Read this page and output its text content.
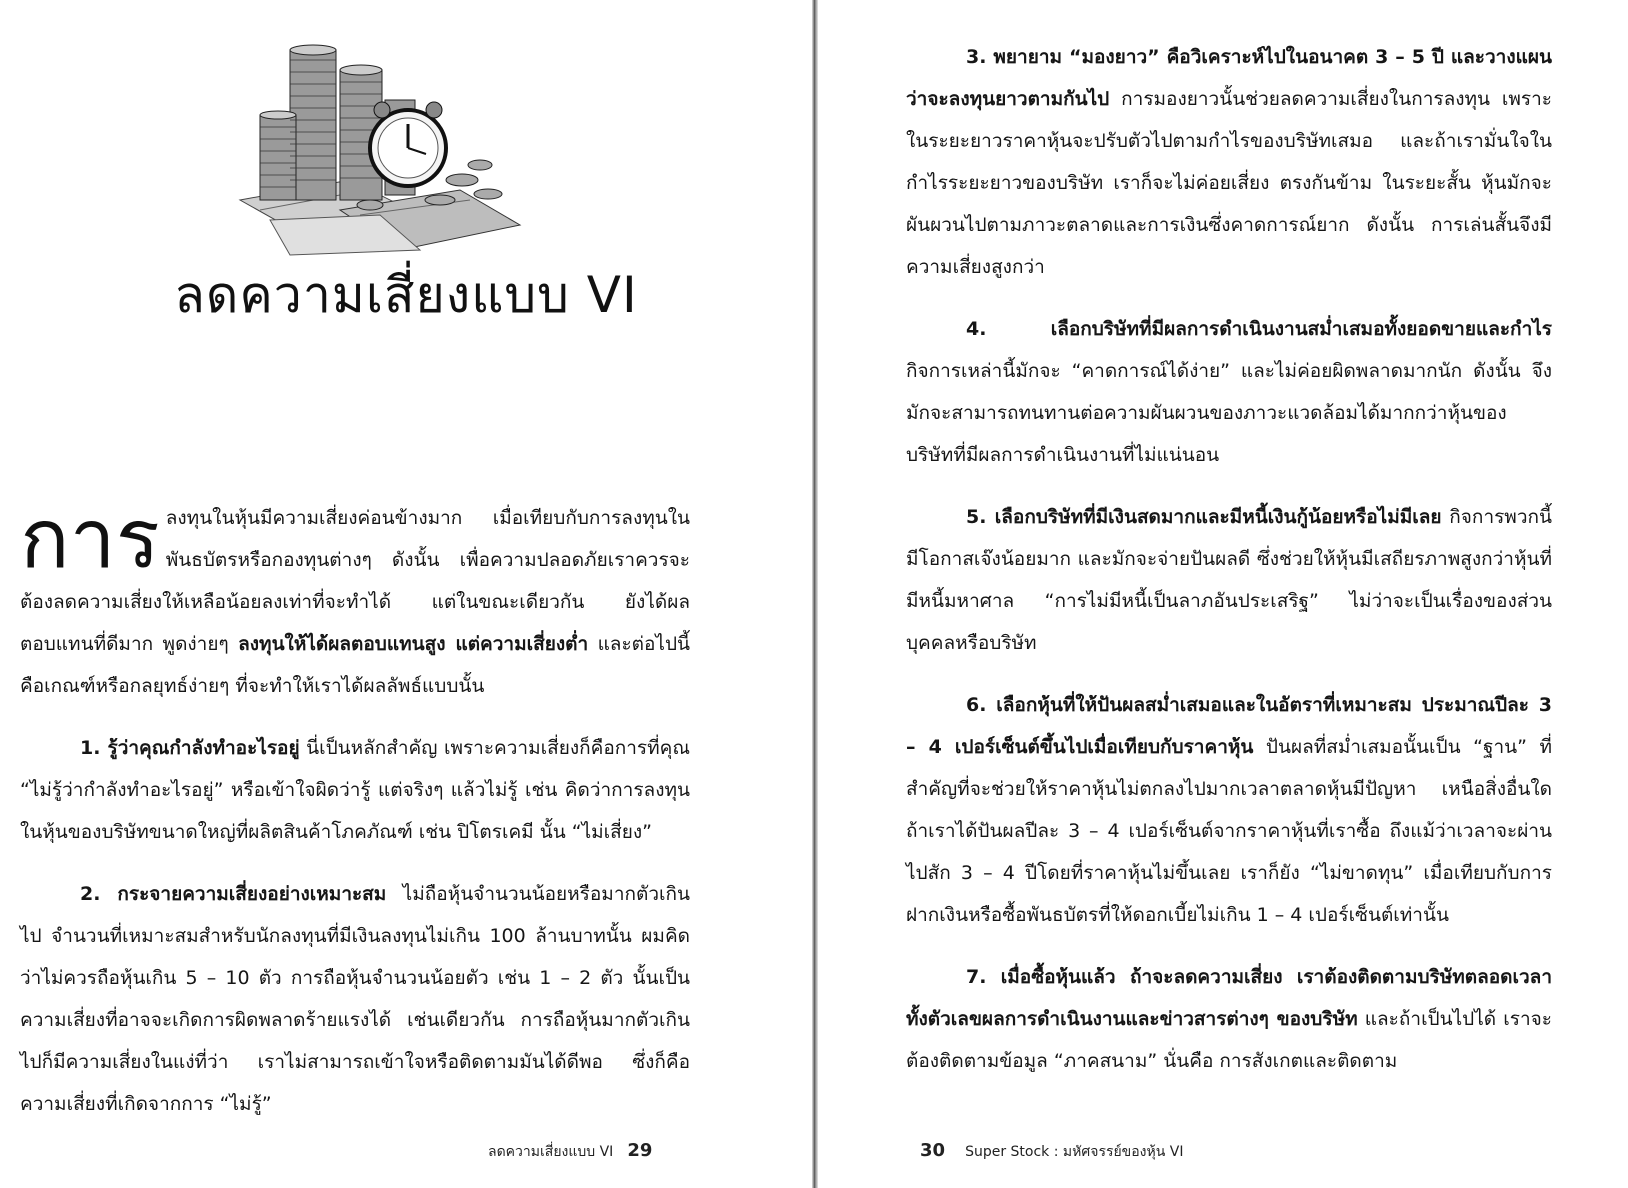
ลดความเสี่ยงแบบ VI

การ ลงทุนในหุ้นมีความเสี่ยงค่อนข้างมาก เมื่อเทียบกับการลงทุนในพันธบัตรหรือกองทุนต่างๆ ดังนั้น เพื่อความปลอดภัยเราควรจะต้องลดความเสี่ยงให้เหลือน้อยลงเท่าที่จะทำได้ แต่ในขณะเดียวกัน ยังได้ผลตอบแทนที่ดีมาก พูดง่ายๆ ลงทุนให้ได้ผลตอบแทนสูง แต่ความเสี่ยงต่ำ และต่อไปนี้คือเกณฑ์หรือกลยุทธ์ง่ายๆ ที่จะทำให้เราได้ผลลัพธ์แบบนั้น

1. รู้ว่าคุณกำลังทำอะไรอยู่ นี่เป็นหลักสำคัญ เพราะความเสี่ยงก็คือการที่คุณ “ไม่รู้ว่ากำลังทำอะไรอยู่” หรือเข้าใจผิดว่ารู้ แต่จริงๆ แล้วไม่รู้ เช่น คิดว่าการลงทุนในหุ้นของบริษัทขนาดใหญ่ที่ผลิตสินค้าโภคภัณฑ์ เช่น ปิโตรเคมี นั้น “ไม่เสี่ยง”

2. กระจายความเสี่ยงอย่างเหมาะสม ไม่ถือหุ้นจำนวนน้อยหรือมากตัวเกินไป จำนวนที่เหมาะสมสำหรับนักลงทุนที่มีเงินลงทุนไม่เกิน 100 ล้านบาทนั้น ผมคิดว่าไม่ควรถือหุ้นเกิน 5 – 10 ตัว การถือหุ้นจำนวนน้อยตัว เช่น 1 – 2 ตัว นั้นเป็นความเสี่ยงที่อาจจะเกิดการผิดพลาดร้ายแรงได้ เช่นเดียวกัน การถือหุ้นมากตัวเกินไปก็มีความเสี่ยงในแง่ที่ว่า เราไม่สามารถเข้าใจหรือติดตามมันได้ดีพอ ซึ่งก็คือความเสี่ยงที่เกิดจากการ “ไม่รู้”

ลดความเสี่ยงแบบ VI 29

3. พยายาม “มองยาว” คือวิเคราะห์ไปในอนาคต 3 – 5 ปี และวางแผนว่าจะลงทุนยาวตามกันไป การมองยาวนั้นช่วยลดความเสี่ยงในการลงทุน เพราะในระยะยาวราคาหุ้นจะปรับตัวไปตามกำไรของบริษัทเสมอ และถ้าเรามั่นใจในกำไรระยะยาวของบริษัท เราก็จะไม่ค่อยเสี่ยง ตรงกันข้าม ในระยะสั้น หุ้นมักจะผันผวนไปตามภาวะตลาดและการเงินซึ่งคาดการณ์ยาก ดังนั้น การเล่นสั้นจึงมีความเสี่ยงสูงกว่า

4. เลือกบริษัทที่มีผลการดำเนินงานสม่ำเสมอทั้งยอดขายและกำไร กิจการเหล่านี้มักจะ “คาดการณ์ได้ง่าย” และไม่ค่อยผิดพลาดมากนัก ดังนั้น จึงมักจะสามารถทนทานต่อความผันผวนของภาวะแวดล้อมได้มากกว่าหุ้นของบริษัทที่มีผลการดำเนินงานที่ไม่แน่นอน

5. เลือกบริษัทที่มีเงินสดมากและมีหนี้เงินกู้น้อยหรือไม่มีเลย กิจการพวกนี้มีโอกาสเจ๊งน้อยมาก และมักจะจ่ายปันผลดี ซึ่งช่วยให้หุ้นมีเสถียรภาพสูงกว่าหุ้นที่มีหนี้มหาศาล “การไม่มีหนี้เป็นลาภอันประเสริฐ” ไม่ว่าจะเป็นเรื่องของส่วนบุคคลหรือบริษัท

6. เลือกหุ้นที่ให้ปันผลสม่ำเสมอและในอัตราที่เหมาะสม ประมาณปีละ 3 – 4 เปอร์เซ็นต์ขึ้นไปเมื่อเทียบกับราคาหุ้น ปันผลที่สม่ำเสมอนั้นเป็น “ฐาน” ที่สำคัญที่จะช่วยให้ราคาหุ้นไม่ตกลงไปมากเวลาตลาดหุ้นมีปัญหา เหนือสิ่งอื่นใด ถ้าเราได้ปันผลปีละ 3 – 4 เปอร์เซ็นต์จากราคาหุ้นที่เราซื้อ ถึงแม้ว่าเวลาจะผ่านไปสัก 3 – 4 ปีโดยที่ราคาหุ้นไม่ขึ้นเลย เราก็ยัง “ไม่ขาดทุน” เมื่อเทียบกับการฝากเงินหรือซื้อพันธบัตรที่ให้ดอกเบี้ยไม่เกิน 1 – 4 เปอร์เซ็นต์เท่านั้น

7. เมื่อซื้อหุ้นแล้ว ถ้าจะลดความเสี่ยง เราต้องติดตามบริษัทตลอดเวลา ทั้งตัวเลขผลการดำเนินงานและข่าวสารต่างๆ ของบริษัท และถ้าเป็นไปได้ เราจะต้องติดตามข้อมูล “ภาคสนาม” นั่นคือ การสังเกตและติดตาม

30 Super Stock : มหัศจรรย์ของหุ้น VI
